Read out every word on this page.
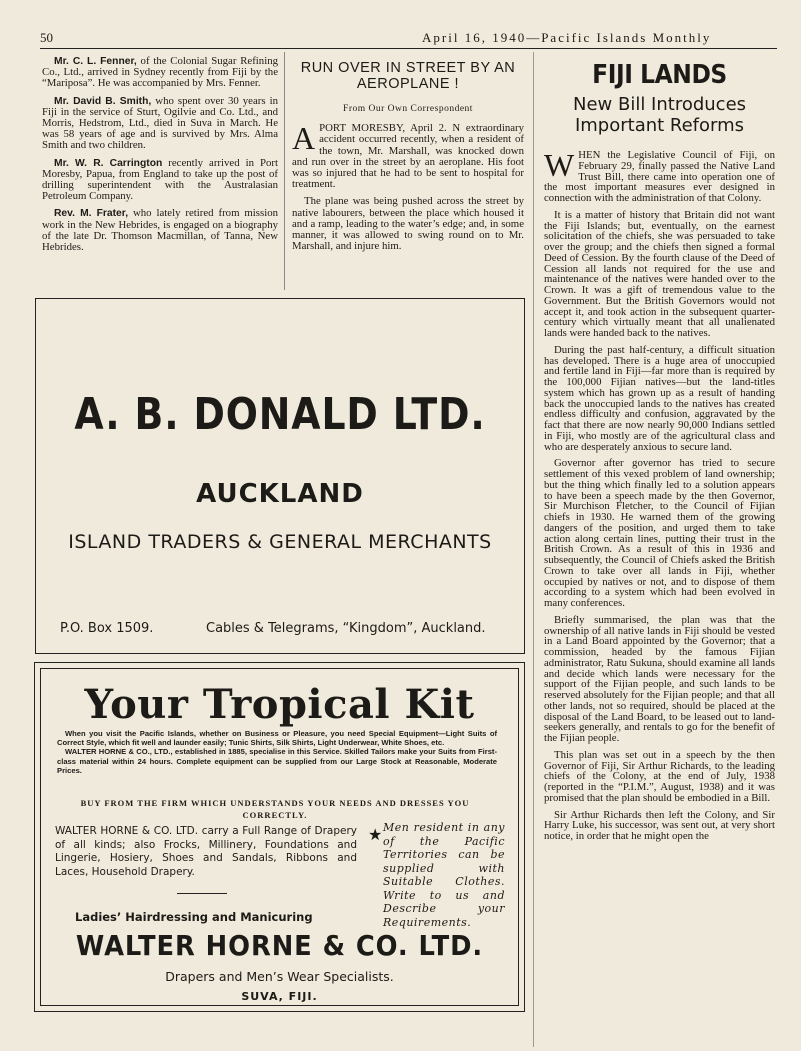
50	April 16, 1940—Pacific Islands Monthly

Mr. C. L. Fenner, of the Colonial Sugar Refining Co., Ltd., arrived in Sydney recently from Fiji by the “Mariposa”. He was accompanied by Mrs. Fenner.

Mr. David B. Smith, who spent over 30 years in Fiji in the service of Sturt, Ogilvie and Co. Ltd., and Morris, Hedstrom, Ltd., died in Suva in March. He was 58 years of age and is survived by Mrs. Alma Smith and two children.

Mr. W. R. Carrington recently arrived in Port Moresby, Papua, from England to take up the post of drilling superintendent with the Australasian Petroleum Company.

Rev. M. Frater, who lately retired from mission work in the New Hebrides, is engaged on a biography of the late Dr. Thomson Macmillan, of Tanna, New Hebrides.

RUN OVER IN STREET BY AN AEROPLANE !
From Our Own Correspondent

APORT MORESBY, April 2. N extraordinary accident occurred recently, when a resident of the town, Mr. Marshall, was knocked down and run over in the street by an aeroplane. His foot was so injured that he had to be sent to hospital for treatment.

The plane was being pushed across the street by native labourers, between the place which housed it and a ramp, leading to the water’s edge; and, in some manner, it was allowed to swing round on to Mr. Marshall, and injure him.

FIJI LANDS
New Bill Introduces Important Reforms

WHEN the Legislative Council of Fiji, on February 29, finally passed the Native Land Trust Bill, there came into operation one of the most important measures ever designed in connection with the administration of that Colony.

It is a matter of history that Britain did not want the Fiji Islands; but, eventually, on the earnest solicitation of the chiefs, she was persuaded to take over the group; and the chiefs then signed a formal Deed of Cession. By the fourth clause of the Deed of Cession all lands not required for the use and maintenance of the natives were handed over to the Crown. It was a gift of tremendous value to the Government. But the British Governors would not accept it, and took action in the subsequent quarter-century which virtually meant that all unalienated lands were handed back to the natives.

During the past half-century, a difficult situation has developed. There is a huge area of unoccupied and fertile land in Fiji—far more than is required by the 100,000 Fijian natives—but the land-titles system which has grown up as a result of handing back the unoccupied lands to the natives has created endless difficulty and confusion, aggravated by the fact that there are now nearly 90,000 Indians settled in Fiji, who mostly are of the agricultural class and who are desperately anxious to secure land.

Governor after governor has tried to secure settlement of this vexed problem of land ownership; but the thing which finally led to a solution appears to have been a speech made by the then Governor, Sir Murchison Fletcher, to the Council of Fijian chiefs in 1930. He warned them of the growing dangers of the position, and urged them to take action along certain lines, putting their trust in the British Crown. As a result of this in 1936 and subsequently, the Council of Chiefs asked the British Crown to take over all lands in Fiji, whether occupied by natives or not, and to dispose of them according to a system which had been evolved in many conferences.

Briefly summarised, the plan was that the ownership of all native lands in Fiji should be vested in a Land Board appointed by the Governor; that a commission, headed by the famous Fijian administrator, Ratu Sukuna, should examine all lands and decide which lands were necessary for the support of the Fijian people, and such lands to be reserved absolutely for the Fijian people; and that all other lands, not so required, should be placed at the disposal of the Land Board, to be leased out to land-seekers generally, and rentals to go for the benefit of the Fijian people.

This plan was set out in a speech by the then Governor of Fiji, Sir Arthur Richards, to the leading chiefs of the Colony, at the end of July, 1938 (reported in the “P.I.M.”, August, 1938) and it was promised that the plan should be embodied in a Bill.

Sir Arthur Richards then left the Colony, and Sir Harry Luke, his successor, was sent out, at very short notice, in order that he might open the

A. B. DONALD LTD.
AUCKLAND
ISLAND TRADERS & GENERAL MERCHANTS
P.O. Box 1509.	Cables & Telegrams, “Kingdom”, Auckland.
Your Tropical Kit

When you visit the Pacific Islands, whether on Business or Pleasure, you need Special Equipment—Light Suits of Correct Style, which fit well and launder easily; Tunic Shirts, Silk Shirts, Light Underwear, White Shoes, etc.

WALTER HORNE & CO., LTD., established in 1885, specialise in this Service. Skilled Tailors make your Suits from First-class material within 24 hours. Complete equipment can be supplied from our Large Stock at Reasonable, Moderate Prices.

BUY FROM THE FIRM WHICH UNDERSTANDS YOUR NEEDS AND DRESSES YOU CORRECTLY.
WALTER HORNE & CO. LTD. carry a Full Range of Drapery of all kinds; also Frocks, Millinery, Foundations and Lingerie, Hosiery, Shoes and Sandals, Ribbons and Laces, Household Drapery.
★ Men resident in any of the Pacific Territories can be supplied with Suitable Clothes. Write to us and Describe your Requirements.
Ladies’ Hairdressing and Manicuring
WALTER HORNE & CO. LTD.
Drapers and Men’s Wear Specialists.
SUVA, FIJI.
